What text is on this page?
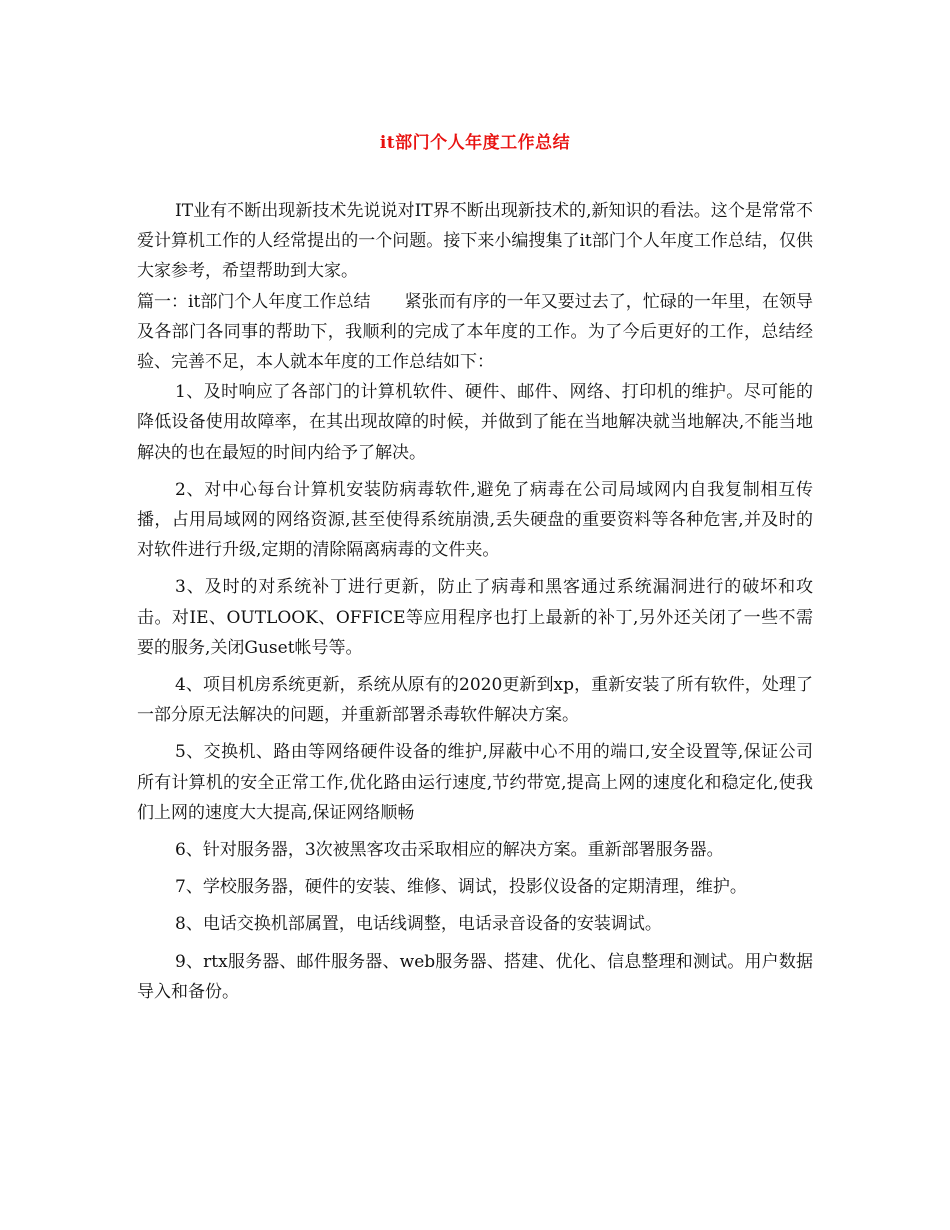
it部门个人年度工作总结

IT业有不断出现新技术先说说对IT界不断出现新技术的,新知识的看法。这个是常常不爱计算机工作的人经常提出的一个问题。接下来小编搜集了it部门个人年度工作总结，仅供大家参考，希望帮助到大家。

篇一：it部门个人年度工作总结　　紧张而有序的一年又要过去了，忙碌的一年里，在领导及各部门各同事的帮助下，我顺利的完成了本年度的工作。为了今后更好的工作，总结经验、完善不足，本人就本年度的工作总结如下：

1、及时响应了各部门的计算机软件、硬件、邮件、网络、打印机的维护。尽可能的降低设备使用故障率，在其出现故障的时候，并做到了能在当地解决就当地解决,不能当地解决的也在最短的时间内给予了解决。

2、对中心每台计算机安装防病毒软件,避免了病毒在公司局域网内自我复制相互传播，占用局域网的网络资源,甚至使得系统崩溃,丢失硬盘的重要资料等各种危害,并及时的对软件进行升级,定期的清除隔离病毒的文件夹。

3、及时的对系统补丁进行更新，防止了病毒和黑客通过系统漏洞进行的破坏和攻击。对IE、OUTLOOK、OFFICE等应用程序也打上最新的补丁,另外还关闭了一些不需要的服务,关闭Guset帐号等。

4、项目机房系统更新，系统从原有的2020更新到xp，重新安装了所有软件，处理了一部分原无法解决的问题，并重新部署杀毒软件解决方案。

5、交换机、路由等网络硬件设备的维护,屏蔽中心不用的端口,安全设置等,保证公司所有计算机的安全正常工作,优化路由运行速度,节约带宽,提高上网的速度化和稳定化,使我们上网的速度大大提高,保证网络顺畅

6、针对服务器，3次被黑客攻击采取相应的解决方案。重新部署服务器。

7、学校服务器，硬件的安装、维修、调试，投影仪设备的定期清理，维护。

8、电话交换机部属置，电话线调整，电话录音设备的安装调试。

9、rtx服务器、邮件服务器、web服务器、搭建、优化、信息整理和测试。用户数据导入和备份。
